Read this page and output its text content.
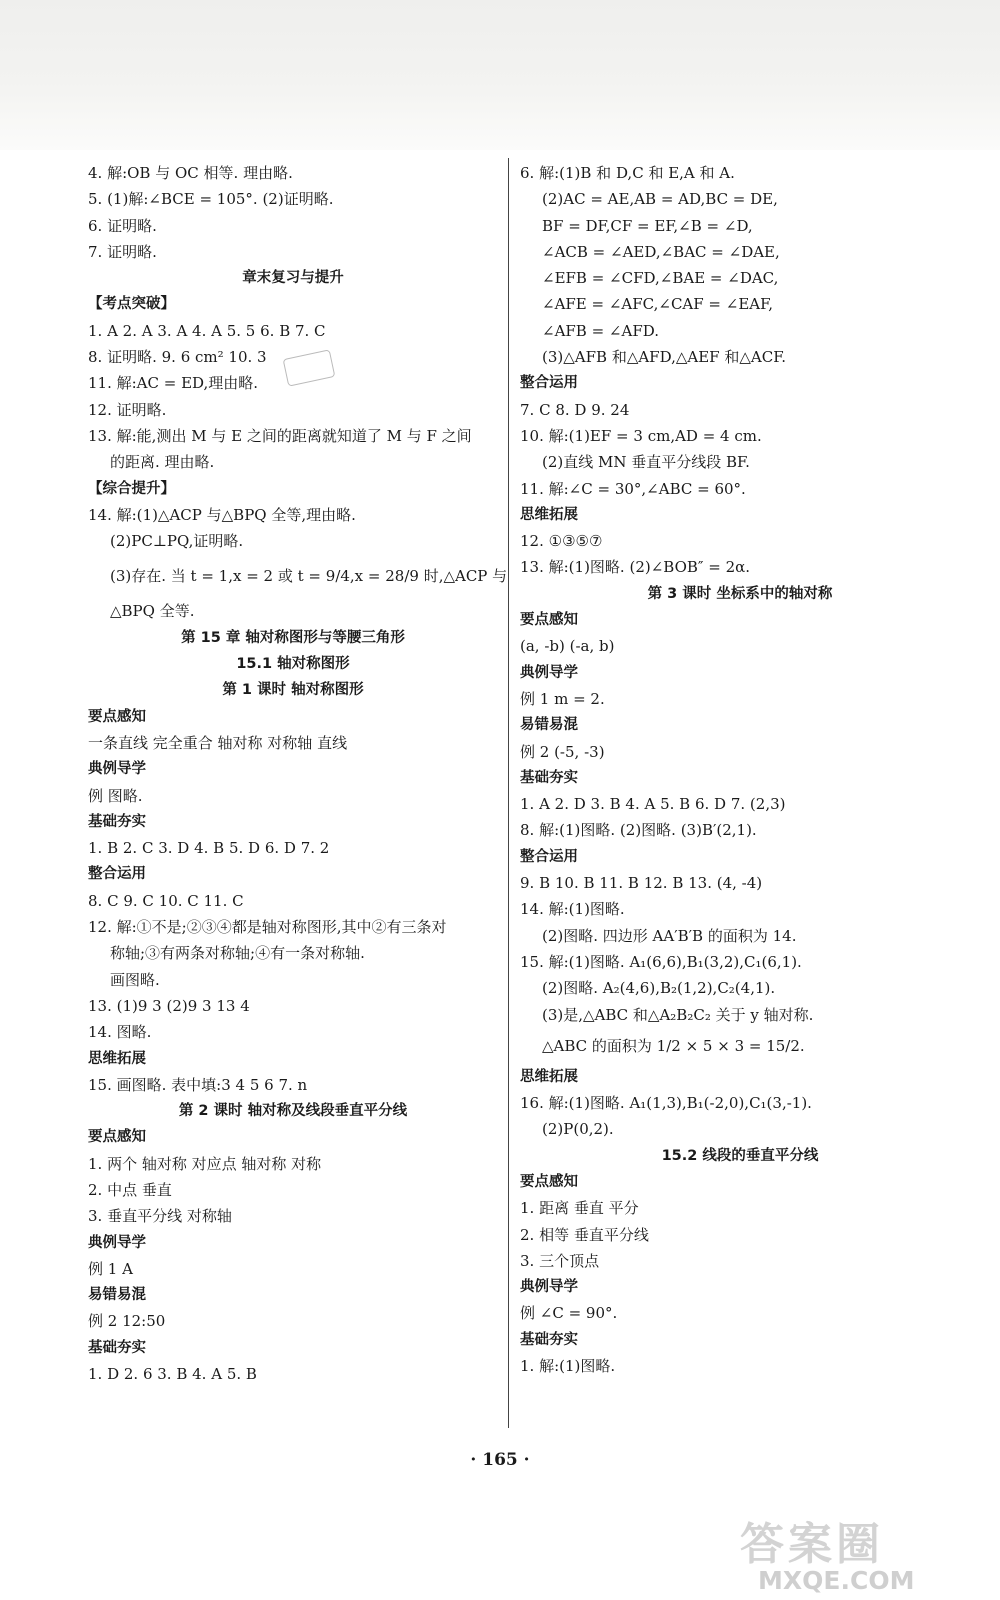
4. 解:OB 与 OC 相等. 理由略.
5. (1)解:∠BCE = 105°. (2)证明略.
6. 证明略.
7. 证明略.
章末复习与提升
【考点突破】
1. A 2. A 3. A 4. A 5. 5 6. B 7. C
8. 证明略. 9. 6 cm² 10. 3
11. 解:AC = ED,理由略.
12. 证明略.
13. 解:能,测出 M 与 E 之间的距离就知道了 M 与 F 之间
的距离. 理由略.
【综合提升】
14. 解:(1)△ACP 与△BPQ 全等,理由略.
(2)PC⊥PQ,证明略.
(3)存在. 当 t = 1,x = 2 或 t = 9/4,x = 28/9 时,△ACP 与
△BPQ 全等.
第 15 章 轴对称图形与等腰三角形
15.1 轴对称图形
第 1 课时 轴对称图形
要点感知
一条直线 完全重合 轴对称 对称轴 直线
典例导学
例 图略.
基础夯实
1. B 2. C 3. D 4. B 5. D 6. D 7. 2
整合运用
8. C 9. C 10. C 11. C
12. 解:①不是;②③④都是轴对称图形,其中②有三条对
称轴;③有两条对称轴;④有一条对称轴.
画图略.
13. (1)9 3 (2)9 3 13 4
14. 图略.
思维拓展
15. 画图略. 表中填:3 4 5 6 7. n
第 2 课时 轴对称及线段垂直平分线
要点感知
1. 两个 轴对称 对应点 轴对称 对称
2. 中点 垂直
3. 垂直平分线 对称轴
典例导学
例 1 A
易错易混
例 2 12:50
基础夯实
1. D 2. 6 3. B 4. A 5. B
6. 解:(1)B 和 D,C 和 E,A 和 A.
(2)AC = AE,AB = AD,BC = DE,
BF = DF,CF = EF,∠B = ∠D,
∠ACB = ∠AED,∠BAC = ∠DAE,
∠EFB = ∠CFD,∠BAE = ∠DAC,
∠AFE = ∠AFC,∠CAF = ∠EAF,
∠AFB = ∠AFD.
(3)△AFB 和△AFD,△AEF 和△ACF.
整合运用
7. C 8. D 9. 24
10. 解:(1)EF = 3 cm,AD = 4 cm.
(2)直线 MN 垂直平分线段 BF.
11. 解:∠C = 30°,∠ABC = 60°.
思维拓展
12. ①③⑤⑦
13. 解:(1)图略. (2)∠BOB″ = 2α.
第 3 课时 坐标系中的轴对称
要点感知
(a, -b) (-a, b)
典例导学
例 1 m = 2.
易错易混
例 2 (-5, -3)
基础夯实
1. A 2. D 3. B 4. A 5. B 6. D 7. (2,3)
8. 解:(1)图略. (2)图略. (3)B′(2,1).
整合运用
9. B 10. B 11. B 12. B 13. (4, -4)
14. 解:(1)图略.
(2)图略. 四边形 AA′B′B 的面积为 14.
15. 解:(1)图略. A₁(6,6),B₁(3,2),C₁(6,1).
(2)图略. A₂(4,6),B₂(1,2),C₂(4,1).
(3)是,△ABC 和△A₂B₂C₂ 关于 y 轴对称.
△ABC 的面积为 1/2 × 5 × 3 = 15/2.
思维拓展
16. 解:(1)图略. A₁(1,3),B₁(-2,0),C₁(3,-1).
(2)P(0,2).
15.2 线段的垂直平分线
要点感知
1. 距离 垂直 平分
2. 相等 垂直平分线
3. 三个顶点
典例导学
例 ∠C = 90°.
基础夯实
1. 解:(1)图略.
· 165 ·
答案圈
MXQE.COM
